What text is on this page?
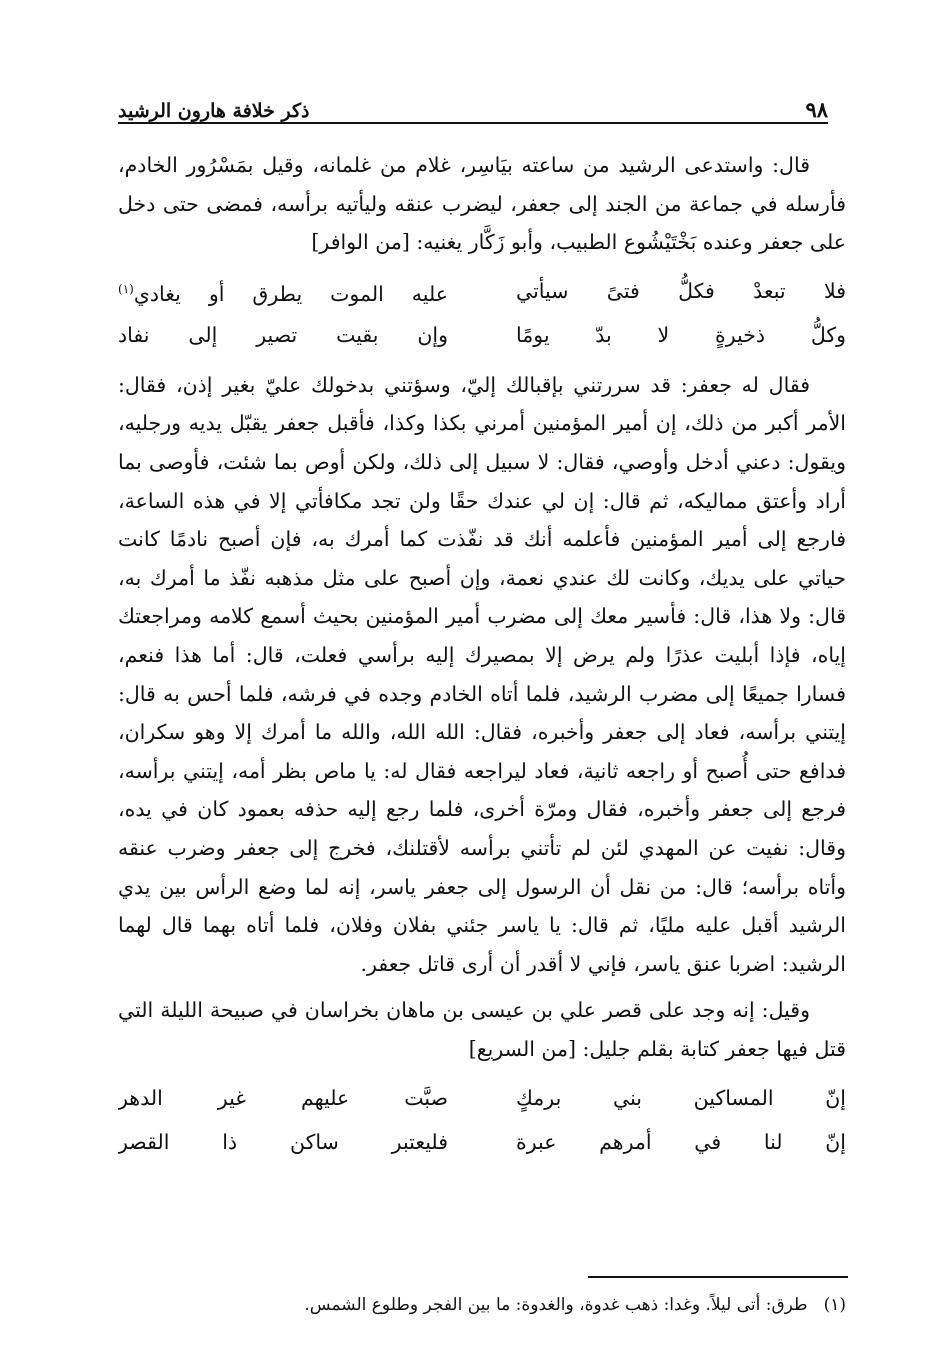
٩٨
ذكر خلافة هارون الرشيد

قال: واستدعى الرشيد من ساعته بيَاسِر، غلام من غلمانه، وقيل بمَسْرُور الخادم، فأرسله في جماعة من الجند إلى جعفر، ليضرب عنقه وليأتيه برأسه، فمضى حتى دخل على جعفر وعنده بَخْتَيْشُوع الطبيب، وأبو زَكَّار يغنيه: [من الوافر]

فلا تبعدْ فكلُّ فتىً سيأتي
عليه الموت يطرق أو يغادي$^{(١)}$
وكلُّ ذخيرةٍ لا بدّ يومًا
وإن بقيت تصير إلى نفاد

فقال له جعفر: قد سررتني بإقبالك إليّ، وسؤتني بدخولك عليّ بغير إذن، فقال: الأمر أكبر من ذلك، إن أمير المؤمنين أمرني بكذا وكذا، فأقبل جعفر يقبّل يديه ورجليه، ويقول: دعني أدخل وأوصي، فقال: لا سبيل إلى ذلك، ولكن أوص بما شئت، فأوصى بما أراد وأعتق مماليكه، ثم قال: إن لي عندك حقًا ولن تجد مكافأتي إلا في هذه الساعة، فارجع إلى أمير المؤمنين فأعلمه أنك قد نفّذت كما أمرك به، فإن أصبح نادمًا كانت حياتي على يديك، وكانت لك عندي نعمة، وإن أصبح على مثل مذهبه نفّذ ما أمرك به، قال: ولا هذا، قال: فأسير معك إلى مضرب أمير المؤمنين بحيث أسمع كلامه ومراجعتك إياه، فإذا أبليت عذرًا ولم يرض إلا بمصيرك إليه برأسي فعلت، قال: أما هذا فنعم، فسارا جميعًا إلى مضرب الرشيد، فلما أتاه الخادم وجده في فرشه، فلما أحس به قال: إيتني برأسه، فعاد إلى جعفر وأخبره، فقال: الله الله، والله ما أمرك إلا وهو سكران، فدافع حتى أُصبح أو راجعه ثانية، فعاد ليراجعه فقال له: يا ماص بظر أمه، إيتني برأسه، فرجع إلى جعفر وأخبره، فقال ومرّة أخرى، فلما رجع إليه حذفه بعمود كان في يده، وقال: نفيت عن المهدي لئن لم تأتني برأسه لأقتلنك، فخرج إلى جعفر وضرب عنقه وأتاه برأسه؛ قال: من نقل أن الرسول إلى جعفر ياسر، إنه لما وضع الرأس بين يدي الرشيد أقبل عليه مليًا، ثم قال: يا ياسر جئني بفلان وفلان، فلما أتاه بهما قال لهما الرشيد: اضربا عنق ياسر، فإني لا أقدر أن أرى قاتل جعفر.

وقيل: إنه وجد على قصر علي بن عيسى بن ماهان بخراسان في صبيحة الليلة التي قتل فيها جعفر كتابة بقلم جليل: [من السريع]

إنّ المساكين بني برمكٍ
صبَّت عليهم غير الدهر
إنّ لنا في أمرهم عبرة
فليعتبر ساكن ذا القصر
(١)طرق: أتى ليلاً. وغدا: ذهب غدوة، والغدوة: ما بين الفجر وطلوع الشمس.
